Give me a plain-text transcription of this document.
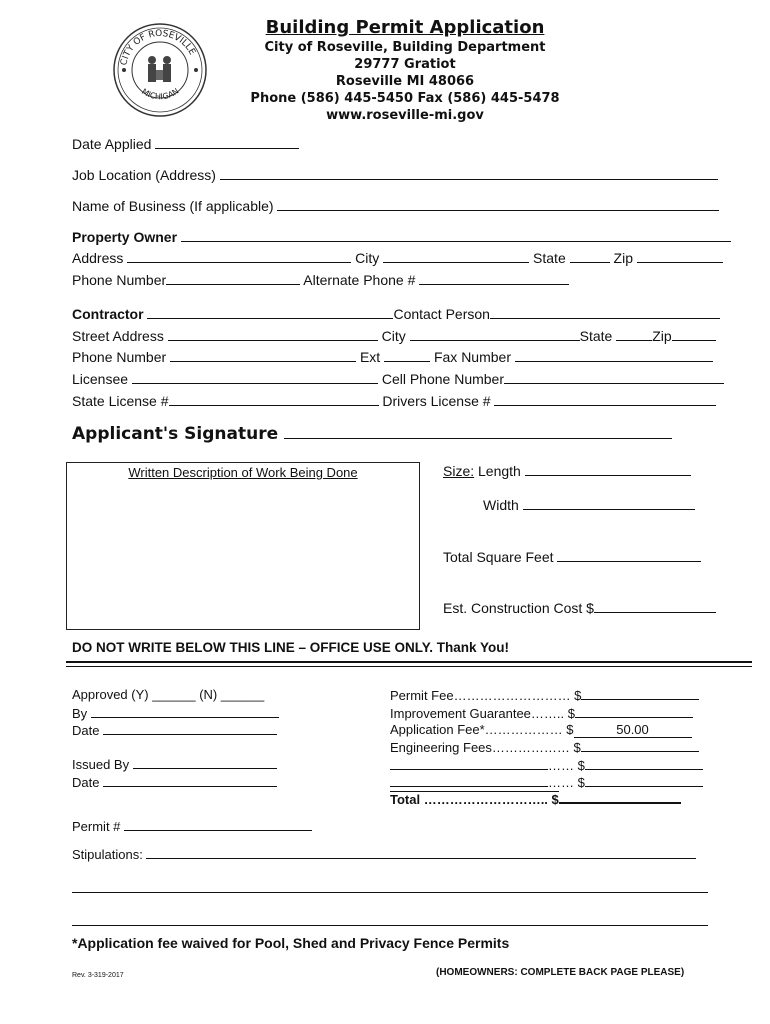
CITY OF ROSEVILLE
MICHIGAN
Building Permit Application
City of Roseville, Building Department
29777 Gratiot
Roseville MI 48066
Phone (586) 445-5450 Fax (586) 445-5478
www.roseville-mi.gov
Date Applied
Job Location (Address)
Name of Business (If applicable)
Property Owner
Address	City	State	Zip
Phone Number	Alternate Phone #
Contractor	Contact Person
Street Address	City	State	Zip
Phone Number	Ext	Fax Number
Licensee	Cell Phone Number
State License #	Drivers License #
Applicant's Signature
Written Description of Work Being Done	Size: Length
Width
Total Square Feet
Est. Construction Cost $
DO NOT WRITE BELOW THIS LINE – OFFICE USE ONLY. Thank You!
Approved (Y) ______ (N) ______
By
Date
Issued By
Date
Permit Fee……………………… $
Improvement Guarantee…….. $
Application Fee*……………… $	50.00
Engineering Fees……………… $
…… $
…… $
Total ……………………….. $
Permit #
Stipulations:
*Application fee waived for Pool, Shed and Privacy Fence Permits
Rev. 3-319-2017	(HOMEOWNERS: COMPLETE BACK PAGE PLEASE)
